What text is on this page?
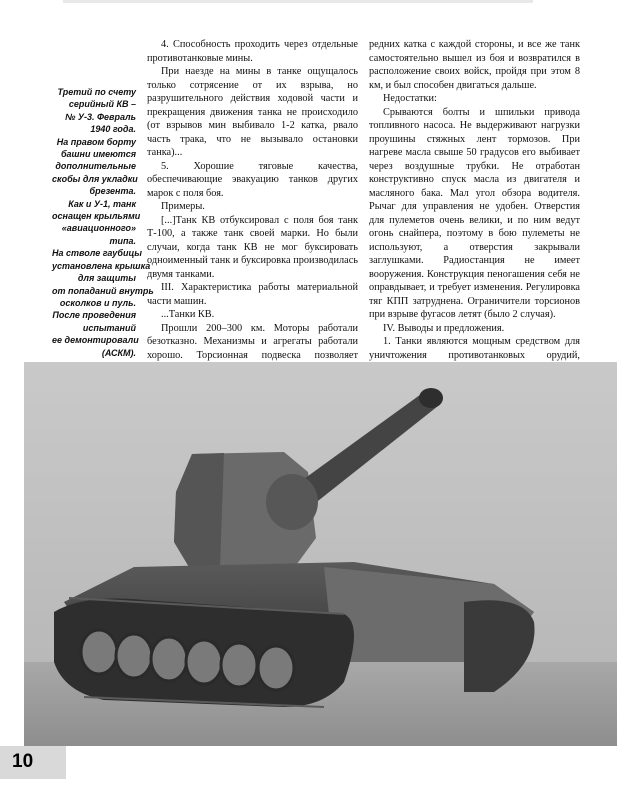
Третий по счету
серийный КВ –
№ У-3. Февраль
1940 года.
На правом борту
башни имеются
дополнительные
скобы для укладки
брезента.
Как и У-1, танк
оснащен крыльями
«авиационного»
типа.
На стволе гаубицы
установлена крышка
для защиты
от попаданий внутрь
осколков и пуль.
После проведения
испытаний
ее демонтировали
(АСКМ).

4. Способность проходить через отдельные противотанковые мины.

При наезде на мины в танке ощущалось только сотрясение от их взрыва, но разрушительного действия ходовой части и прекращения движения танка не происходило (от взрывов мин выбивало 1-2 катка, рвало часть трака, что не вызывало остановки танка)...

5. Хорошие тяговые качества, обеспечивающие эвакуацию танков других марок с поля боя.

Примеры.

[...]Танк КВ отбуксировал с поля боя танк Т-100, а также танк своей марки. Но были случаи, когда танк КВ не мог буксировать одноименный танк и буксировка производилась двумя танками.

III. Характеристика работы материальной части машин.

...Танки КВ.

Прошли 200–300 км. Моторы работали безотказно. Механизмы и агрегаты работали хорошо. Торсионная подвеска позволяет

редних катка с каждой стороны, и все же танк самостоятельно вышел из боя и возвратился в расположение своих войск, пройдя при этом 8 км, и был способен двигаться дальше.

Недостатки:

Срываются болты и шпильки привода топливного насоса. Не выдерживают нагрузки проушины стяжных лент тормозов. При нагреве масла свыше 50 градусов его выбивает через воздушные трубки. Не отработан конструктивно спуск масла из двигателя и масляного бака. Мал угол обзора водителя. Рычаг для управления не удобен. Отверстия для пулеметов очень велики, и по ним ведут огонь снайпера, поэтому в бою пулеметы не используют, а отверстия закрывали заглушками. Радиостанция не имеет вооружения. Конструкция пеногашения себя не оправдывает, и требует изменения. Регулировка тяг КПП затруднена. Ограничители торсионов при взрыве фугасов летят (было 2 случая).

IV. Выводы и предложения.

1. Танки являются мощным средством для уничтожения противотанковых орудий,

10
